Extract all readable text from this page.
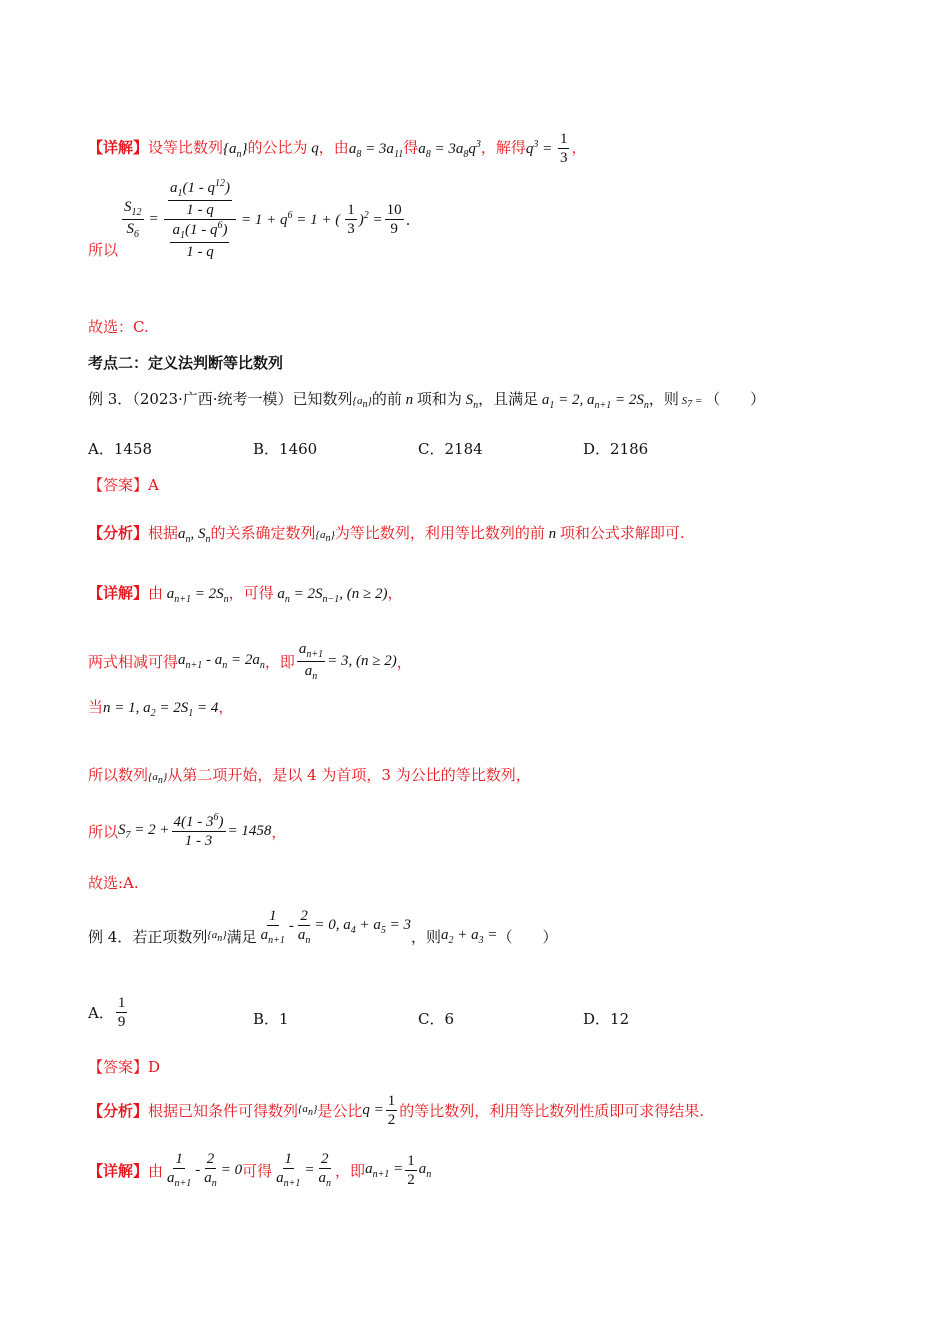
【详解】设等比数列$\{a_n\}$的公比为 q，由$a_8 = 3a_{11}$得$a_8 = 3a_8q^3$，解得$q^3 = \frac{1}{3}$ ，
所以
$\frac{S_{12}}{S_6} = \frac{\frac{a_1(1 - q^{12})}{1 - q}}{\frac{a_1(1 - q^6)}{1 - q}} = 1 + q^6 = 1$ + ( $\frac{1}{3} )^2 = \frac{10}{9}$ .
故选：C.
考点二：定义法判断等比数列
例 3．（2023·广西·统考一模）已知数列$\{a_n\}$的前 n 项和为 $S_n$，且满足 $a_1 = 2$, $a_{n+1} = 2S_n$，则 $S_7$ = （　　）
A．1458	B．1460	C．2184	D．2186
【答案】A
【分析】根据$a_n$, $S_n$的关系确定数列$\{a_n\}$为等比数列，利用等比数列的前 n 项和公式求解即可.
【详解】由 $a_{n+1} = 2S_n$，可得 $a_n = 2S_{n-1}$, (n ≥ 2)，
两式相减可得 $a_{n+1} - a_n = 2a_n$ ，即 $\frac{a_{n+1}}{a_n} = 3$, (n ≥ 2) ，
当n = 1, $a_2 = 2S_1 = 4$，
所以数列$\{a_n\}$从第二项开始，是以 4 为首项，3 为公比的等比数列，
所以 $S_7 = 2 + \frac{4(1 - 3^6)}{1 - 3} = 1458$ ，
故选:A.
例 4． 若正项数列 $\{a_n\}$ 满足 $\frac{1}{a_{n+1}} - \frac{2}{a_n} = 0$, $a_4 + a_5 = 3$
，则 $a_2 + a_3$ = （　　）
A． $\frac{1}{9}$	B．1	C．6	D．12
【答案】D
【分析】 根据已知条件可得数列 $\{a_n\}$ 是公比 $q = \frac{1}{2}$ 的等比数列，利用等比数列性质即可求得结果.
【详解】 由 $\frac{1}{a_{n+1}} - \frac{2}{a_n} = 0$ 可得 $\frac{1}{a_{n+1}} = \frac{2}{a_n}$ ，即 $a_{n+1} = \frac{1}{2} a_n$
